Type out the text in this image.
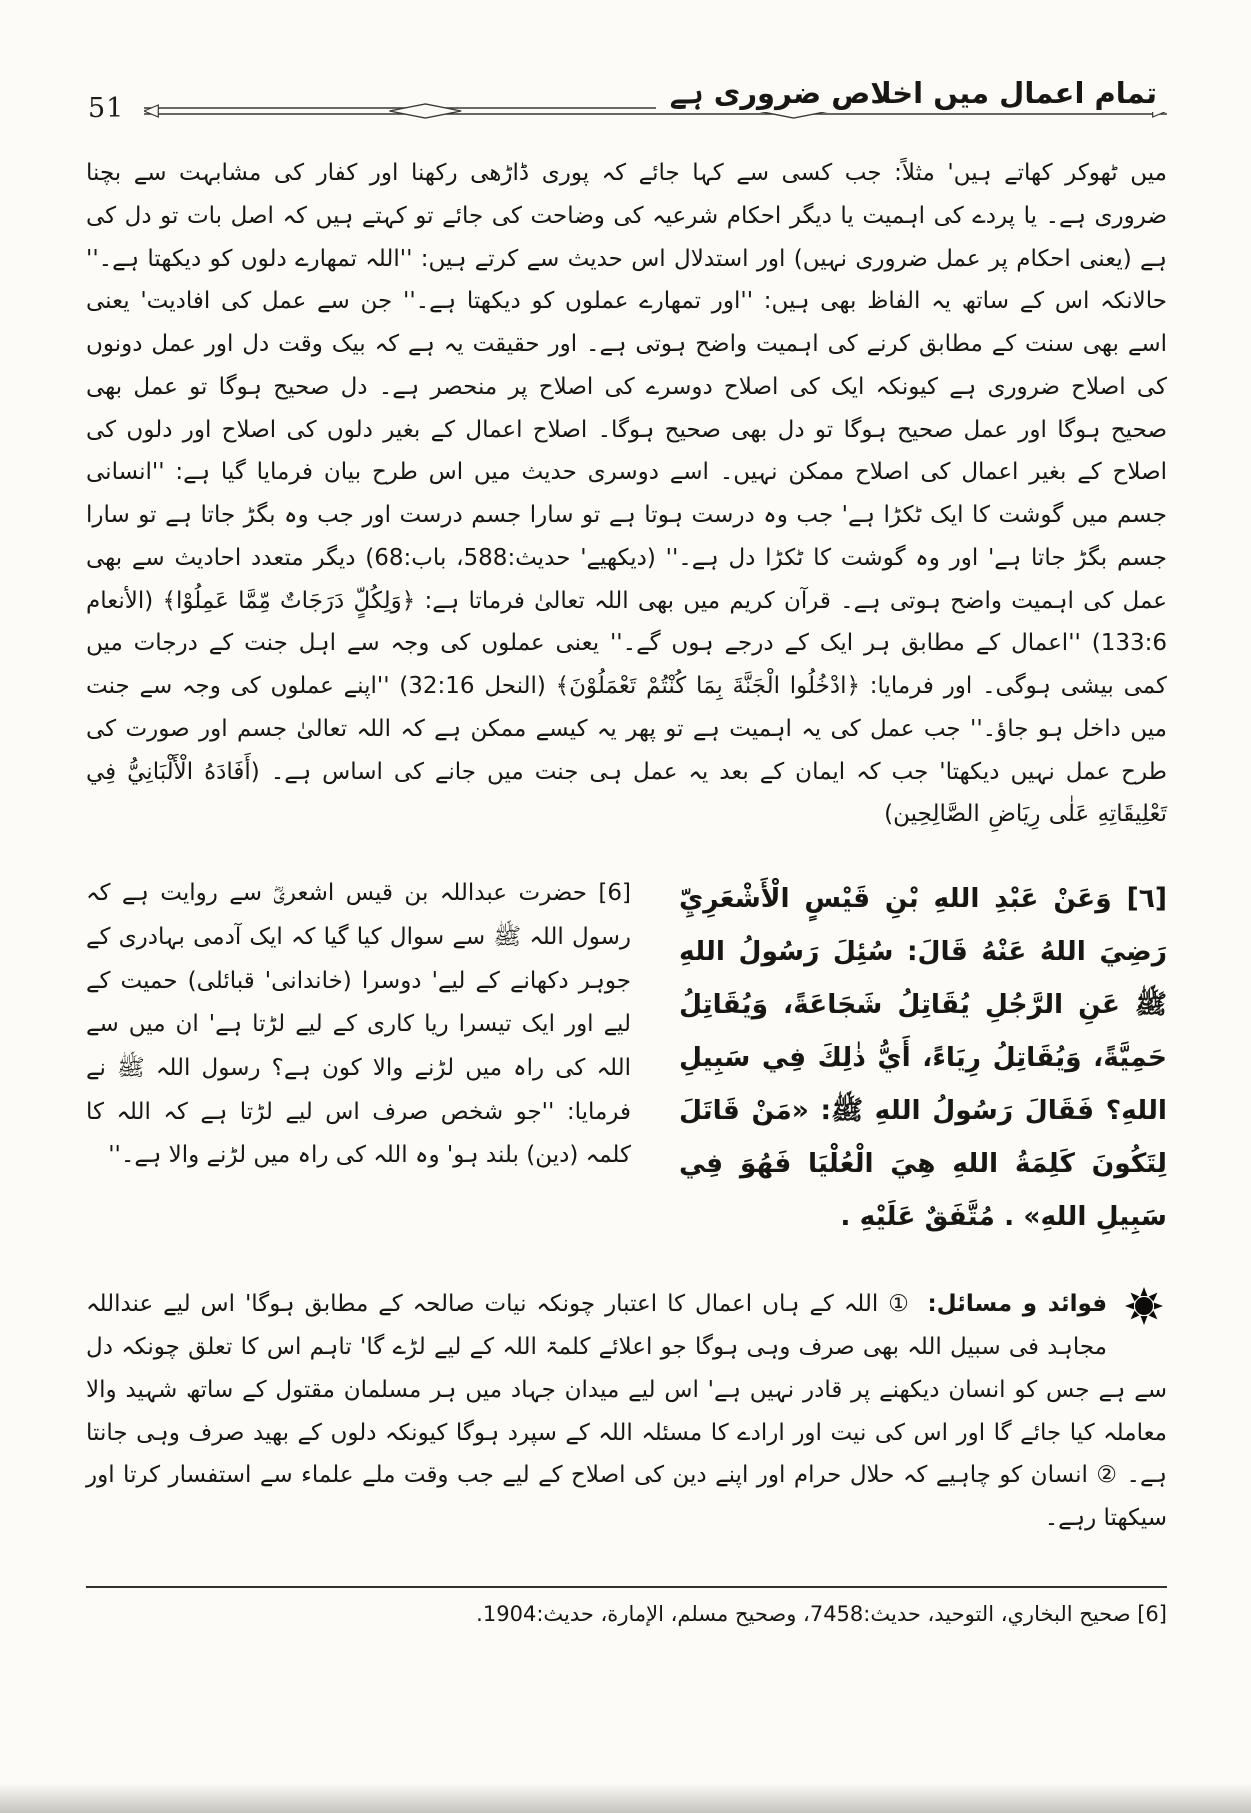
51	تمام اعمال میں اخلاص ضروری ہے

میں ٹھوکر کھاتے ہیں' مثلاً: جب کسی سے کہا جائے کہ پوری ڈاڑھی رکھنا اور کفار کی مشابہت سے بچنا ضروری ہے۔ یا پردے کی اہمیت یا دیگر احکام شرعیہ کی وضاحت کی جائے تو کہتے ہیں کہ اصل بات تو دل کی ہے (یعنی احکام پر عمل ضروری نہیں) اور استدلال اس حدیث سے کرتے ہیں: ''اللہ تمھارے دلوں کو دیکھتا ہے۔'' حالانکہ اس کے ساتھ یہ الفاظ بھی ہیں: ''اور تمھارے عملوں کو دیکھتا ہے۔'' جن سے عمل کی افادیت' یعنی اسے بھی سنت کے مطابق کرنے کی اہمیت واضح ہوتی ہے۔ اور حقیقت یہ ہے کہ بیک وقت دل اور عمل دونوں کی اصلاح ضروری ہے کیونکہ ایک کی اصلاح دوسرے کی اصلاح پر منحصر ہے۔ دل صحیح ہوگا تو عمل بھی صحیح ہوگا اور عمل صحیح ہوگا تو دل بھی صحیح ہوگا۔ اصلاح اعمال کے بغیر دلوں کی اصلاح اور دلوں کی اصلاح کے بغیر اعمال کی اصلاح ممکن نہیں۔ اسے دوسری حدیث میں اس طرح بیان فرمایا گیا ہے: ''انسانی جسم میں گوشت کا ایک ٹکڑا ہے' جب وہ درست ہوتا ہے تو سارا جسم درست اور جب وہ بگڑ جاتا ہے تو سارا جسم بگڑ جاتا ہے' اور وہ گوشت کا ٹکڑا دل ہے۔'' (دیکھیے' حدیث:588، باب:68) دیگر متعدد احادیث سے بھی عمل کی اہمیت واضح ہوتی ہے۔ قرآن کریم میں بھی اللہ تعالیٰ فرماتا ہے: ﴿وَلِكُلٍّ دَرَجَاتٌ مِّمَّا عَمِلُوْا﴾ (الأنعام 133:6) ''اعمال کے مطابق ہر ایک کے درجے ہوں گے۔'' یعنی عملوں کی وجہ سے اہل جنت کے درجات میں کمی بیشی ہوگی۔ اور فرمایا: ﴿ادْخُلُوا الْجَنَّةَ بِمَا كُنْتُمْ تَعْمَلُوْنَ﴾ (النحل 32:16) ''اپنے عملوں کی وجہ سے جنت میں داخل ہو جاؤ۔'' جب عمل کی یہ اہمیت ہے تو پھر یہ کیسے ممکن ہے کہ اللہ تعالیٰ جسم اور صورت کی طرح عمل نہیں دیکھتا' جب کہ ایمان کے بعد یہ عمل ہی جنت میں جانے کی اساس ہے۔ (أَفَادَهُ الْأَلْبَانِيُّ فِي تَعْلِيقَاتِهِ عَلٰى رِيَاضِ الصَّالِحِين)

[٦] وَعَنْ عَبْدِ اللهِ بْنِ قَيْسٍ الْأَشْعَرِيِّ رَضِيَ اللهُ عَنْهُ قَالَ: سُئِلَ رَسُولُ اللهِ ﷺ عَنِ الرَّجُلِ يُقَاتِلُ شَجَاعَةً، وَيُقَاتِلُ حَمِيَّةً، وَيُقَاتِلُ رِيَاءً، أَيُّ ذٰلِكَ فِي سَبِيلِ اللهِ؟ فَقَالَ رَسُولُ اللهِ ﷺ: «مَنْ قَاتَلَ لِتَكُونَ كَلِمَةُ اللهِ هِيَ الْعُلْيَا فَهُوَ فِي سَبِيلِ اللهِ» . مُتَّفَقٌ عَلَيْهِ .
[6] حضرت عبداللہ بن قیس اشعریؓ سے روایت ہے کہ رسول اللہ ﷺ سے سوال کیا گیا کہ ایک آدمی بہادری کے جوہر دکھانے کے لیے' دوسرا (خاندانی' قبائلی) حمیت کے لیے اور ایک تیسرا ریا کاری کے لیے لڑتا ہے' ان میں سے اللہ کی راہ میں لڑنے والا کون ہے؟ رسول اللہ ﷺ نے فرمایا: ''جو شخص صرف اس لیے لڑتا ہے کہ اللہ کا کلمہ (دین) بلند ہو' وہ اللہ کی راہ میں لڑنے والا ہے۔''
فوائد و مسائل: ① اللہ کے ہاں اعمال کا اعتبار چونکہ نیات صالحہ کے مطابق ہوگا' اس لیے عنداللہ مجاہد فی سبیل اللہ بھی صرف وہی ہوگا جو اعلائے کلمۃ اللہ کے لیے لڑے گا' تاہم اس کا تعلق چونکہ دل سے ہے جس کو انسان دیکھنے پر قادر نہیں ہے' اس لیے میدان جہاد میں ہر مسلمان مقتول کے ساتھ شہید والا معاملہ کیا جائے گا اور اس کی نیت اور ارادے کا مسئلہ اللہ کے سپرد ہوگا کیونکہ دلوں کے بھید صرف وہی جانتا ہے۔ ② انسان کو چاہیے کہ حلال حرام اور اپنے دین کی اصلاح کے لیے جب وقت ملے علماء سے استفسار کرتا اور سیکھتا رہے۔

[6] صحیح البخاري، التوحید، حدیث:7458، وصحیح مسلم، الإمارة، حدیث:1904.
